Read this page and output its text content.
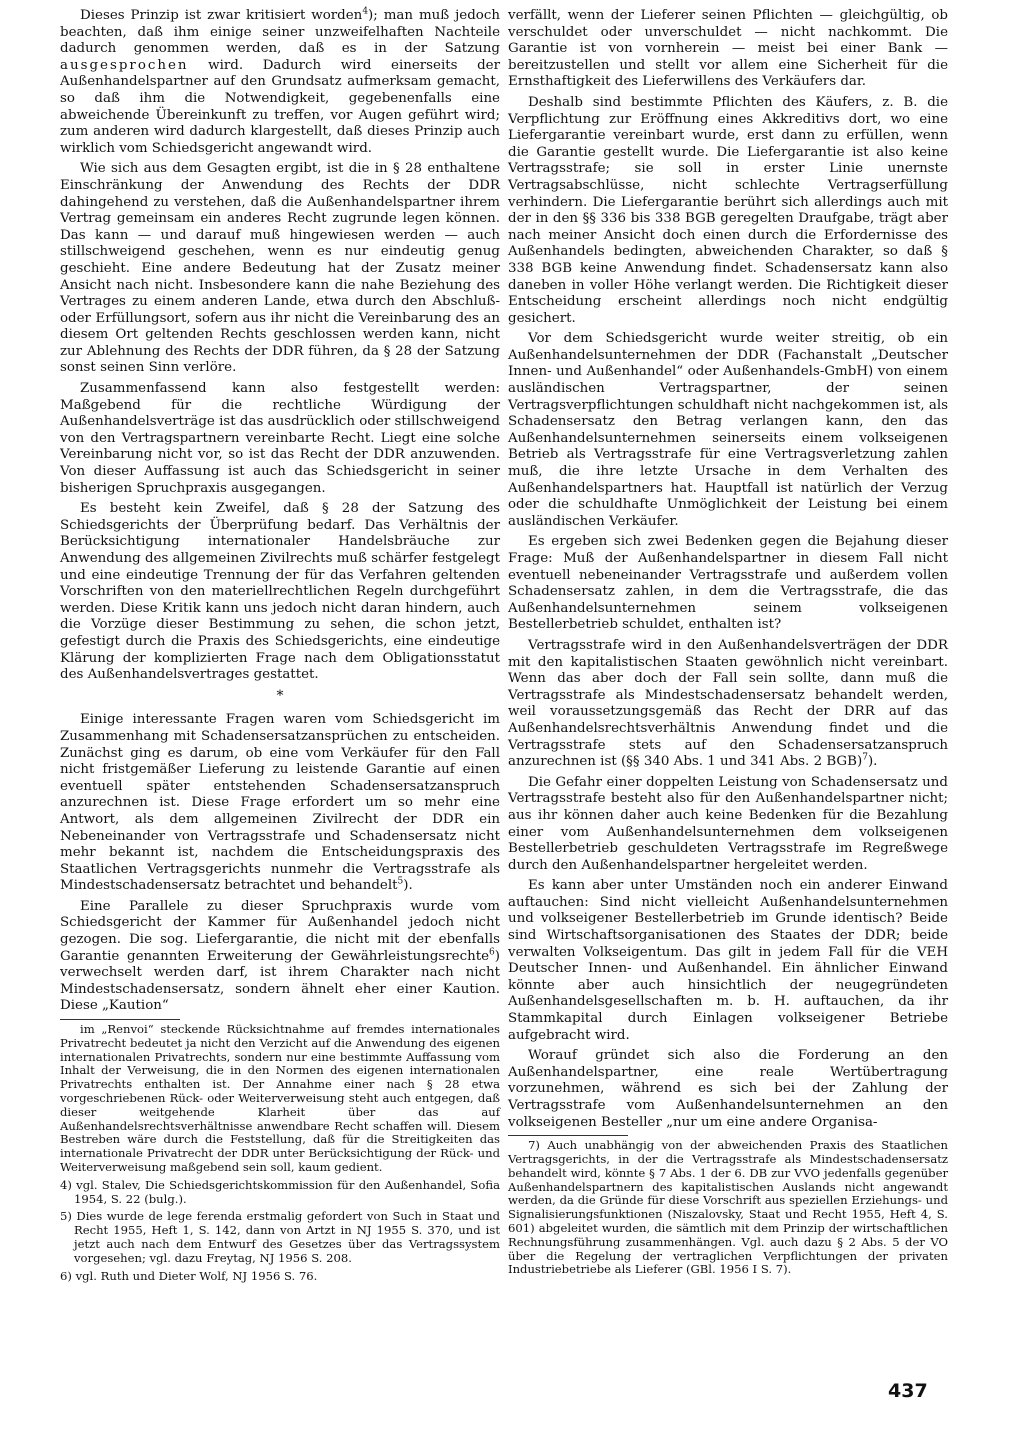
Dieses Prinzip ist zwar kritisiert worden$^4$); man muß jedoch beachten, daß ihm einige seiner unzweifelhaften Nachteile dadurch genommen werden, daß es in der Satzung ausgesprochen wird. Dadurch wird einerseits der Außenhandelspartner auf den Grundsatz aufmerksam gemacht, so daß ihm die Notwendigkeit, gegebenenfalls eine abweichende Übereinkunft zu treffen, vor Augen geführt wird; zum anderen wird dadurch klargestellt, daß dieses Prinzip auch wirklich vom Schiedsgericht angewandt wird.

Wie sich aus dem Gesagten ergibt, ist die in § 28 enthaltene Einschränkung der Anwendung des Rechts der DDR dahingehend zu verstehen, daß die Außenhandelspartner ihrem Vertrag gemeinsam ein anderes Recht zugrunde legen können. Das kann — und darauf muß hingewiesen werden — auch stillschweigend geschehen, wenn es nur eindeutig genug geschieht. Eine andere Bedeutung hat der Zusatz meiner Ansicht nach nicht. Insbesondere kann die nahe Beziehung des Vertrages zu einem anderen Lande, etwa durch den Abschluß- oder Erfüllungsort, sofern aus ihr nicht die Vereinbarung des an diesem Ort geltenden Rechts geschlossen werden kann, nicht zur Ablehnung des Rechts der DDR führen, da § 28 der Satzung sonst seinen Sinn verlöre.

Zusammenfassend kann also festgestellt werden: Maßgebend für die rechtliche Würdigung der Außenhandelsverträge ist das ausdrücklich oder stillschweigend von den Vertragspartnern vereinbarte Recht. Liegt eine solche Vereinbarung nicht vor, so ist das Recht der DDR anzuwenden. Von dieser Auffassung ist auch das Schiedsgericht in seiner bisherigen Spruchpraxis ausgegangen.

Es besteht kein Zweifel, daß § 28 der Satzung des Schiedsgerichts der Überprüfung bedarf. Das Verhältnis der Berücksichtigung internationaler Handelsbräuche zur Anwendung des allgemeinen Zivilrechts muß schärfer festgelegt und eine eindeutige Trennung der für das Verfahren geltenden Vorschriften von den materiellrechtlichen Regeln durchgeführt werden. Diese Kritik kann uns jedoch nicht daran hindern, auch die Vorzüge dieser Bestimmung zu sehen, die schon jetzt, gefestigt durch die Praxis des Schiedsgerichts, eine eindeutige Klärung der komplizierten Frage nach dem Obligationsstatut des Außenhandelsvertrages gestattet.

*

Einige interessante Fragen waren vom Schiedsgericht im Zusammenhang mit Schadensersatzansprüchen zu entscheiden. Zunächst ging es darum, ob eine vom Verkäufer für den Fall nicht fristgemäßer Lieferung zu leistende Garantie auf einen eventuell später entstehenden Schadensersatzanspruch anzurechnen ist. Diese Frage erfordert um so mehr eine Antwort, als dem allgemeinen Zivilrecht der DDR ein Nebeneinander von Vertragsstrafe und Schadensersatz nicht mehr bekannt ist, nachdem die Entscheidungspraxis des Staatlichen Vertragsgerichts nunmehr die Vertragsstrafe als Mindestschadensersatz betrachtet und behandelt$^5$).

Eine Parallele zu dieser Spruchpraxis wurde vom Schiedsgericht der Kammer für Außenhandel jedoch nicht gezogen. Die sog. Liefergarantie, die nicht mit der ebenfalls Garantie genannten Erweiterung der Gewährleistungsrechte$^6$) verwechselt werden darf, ist ihrem Charakter nach nicht Mindestschadensersatz, sondern ähnelt eher einer Kaution. Diese „Kaution“

im „Renvoi“ steckende Rücksichtnahme auf fremdes internationales Privatrecht bedeutet ja nicht den Verzicht auf die Anwendung des eigenen internationalen Privatrechts, sondern nur eine bestimmte Auffassung vom Inhalt der Verweisung, die in den Normen des eigenen internationalen Privatrechts enthalten ist. Der Annahme einer nach § 28 etwa vorgeschriebenen Rück- oder Weiterverweisung steht auch entgegen, daß dieser weitgehende Klarheit über das auf Außenhandelsrechtsverhältnisse anwendbare Recht schaffen will. Diesem Bestreben wäre durch die Feststellung, daß für die Streitigkeiten das internationale Privatrecht der DDR unter Berücksichtigung der Rück- und Weiterverweisung maßgebend sein soll, kaum gedient.

4) vgl. Stalev, Die Schiedsgerichtskommission für den Außenhandel, Sofia 1954, S. 22 (bulg.).

5) Dies wurde de lege ferenda erstmalig gefordert von Such in Staat und Recht 1955, Heft 1, S. 142, dann von Artzt in NJ 1955 S. 370, und ist jetzt auch nach dem Entwurf des Gesetzes über das Vertragssystem vorgesehen; vgl. dazu Freytag, NJ 1956 S. 208.

6) vgl. Ruth und Dieter Wolf, NJ 1956 S. 76.

verfällt, wenn der Lieferer seinen Pflichten — gleichgültig, ob verschuldet oder unverschuldet — nicht nachkommt. Die Garantie ist von vornherein — meist bei einer Bank — bereitzustellen und stellt vor allem eine Sicherheit für die Ernsthaftigkeit des Lieferwillens des Verkäufers dar.

Deshalb sind bestimmte Pflichten des Käufers, z. B. die Verpflichtung zur Eröffnung eines Akkreditivs dort, wo eine Liefergarantie vereinbart wurde, erst dann zu erfüllen, wenn die Garantie gestellt wurde. Die Liefergarantie ist also keine Vertragsstrafe; sie soll in erster Linie unernste Vertragsabschlüsse, nicht schlechte Vertragserfüllung verhindern. Die Liefergarantie berührt sich allerdings auch mit der in den §§ 336 bis 338 BGB geregelten Draufgabe, trägt aber nach meiner Ansicht doch einen durch die Erfordernisse des Außenhandels bedingten, abweichenden Charakter, so daß § 338 BGB keine Anwendung findet. Schadensersatz kann also daneben in voller Höhe verlangt werden. Die Richtigkeit dieser Entscheidung erscheint allerdings noch nicht endgültig gesichert.

Vor dem Schiedsgericht wurde weiter streitig, ob ein Außenhandelsunternehmen der DDR (Fachanstalt „Deutscher Innen- und Außenhandel“ oder Außenhandels-GmbH) von einem ausländischen Vertragspartner, der seinen Vertragsverpflichtungen schuldhaft nicht nachgekommen ist, als Schadensersatz den Betrag verlangen kann, den das Außenhandelsunternehmen seinerseits einem volkseigenen Betrieb als Vertragsstrafe für eine Vertragsverletzung zahlen muß, die ihre letzte Ursache in dem Verhalten des Außenhandelspartners hat. Hauptfall ist natürlich der Verzug oder die schuldhafte Unmöglichkeit der Leistung bei einem ausländischen Verkäufer.

Es ergeben sich zwei Bedenken gegen die Bejahung dieser Frage: Muß der Außenhandelspartner in diesem Fall nicht eventuell nebeneinander Vertragsstrafe und außerdem vollen Schadensersatz zahlen, in dem die Vertragsstrafe, die das Außenhandelsunternehmen seinem volkseigenen Bestellerbetrieb schuldet, enthalten ist?

Vertragsstrafe wird in den Außenhandelsverträgen der DDR mit den kapitalistischen Staaten gewöhnlich nicht vereinbart. Wenn das aber doch der Fall sein sollte, dann muß die Vertragsstrafe als Mindestschadensersatz behandelt werden, weil voraussetzungsgemäß das Recht der DRR auf das Außenhandelsrechtsverhältnis Anwendung findet und die Vertragsstrafe stets auf den Schadensersatzanspruch anzurechnen ist (§§ 340 Abs. 1 und 341 Abs. 2 BGB)$^7$).

Die Gefahr einer doppelten Leistung von Schadensersatz und Vertragsstrafe besteht also für den Außenhandelspartner nicht; aus ihr können daher auch keine Bedenken für die Bezahlung einer vom Außenhandelsunternehmen dem volkseigenen Bestellerbetrieb geschuldeten Vertragsstrafe im Regreßwege durch den Außenhandelspartner hergeleitet werden.

Es kann aber unter Umständen noch ein anderer Einwand auftauchen: Sind nicht vielleicht Außenhandelsunternehmen und volkseigener Bestellerbetrieb im Grunde identisch? Beide sind Wirtschaftsorganisationen des Staates der DDR; beide verwalten Volkseigentum. Das gilt in jedem Fall für die VEH Deutscher Innen- und Außenhandel. Ein ähnlicher Einwand könnte aber auch hinsichtlich der neugegründeten Außenhandelsgesellschaften m. b. H. auftauchen, da ihr Stammkapital durch Einlagen volkseigener Betriebe aufgebracht wird.

Worauf gründet sich also die Forderung an den Außenhandelspartner, eine reale Wertübertragung vorzunehmen, während es sich bei der Zahlung der Vertragsstrafe vom Außenhandelsunternehmen an den volkseigenen Besteller „nur um eine andere Organisa-

7) Auch unabhängig von der abweichenden Praxis des Staatlichen Vertragsgerichts, in der die Vertragsstrafe als Mindestschadensersatz behandelt wird, könnte § 7 Abs. 1 der 6. DB zur VVO jedenfalls gegenüber Außenhandelspartnern des kapitalistischen Auslands nicht angewandt werden, da die Gründe für diese Vorschrift aus speziellen Erziehungs- und Signalisierungsfunktionen (Niszalovsky, Staat und Recht 1955, Heft 4, S. 601) abgeleitet wurden, die sämtlich mit dem Prinzip der wirtschaftlichen Rechnungsführung zusammenhängen. Vgl. auch dazu § 2 Abs. 5 der VO über die Regelung der vertraglichen Verpflichtungen der privaten Industriebetriebe als Lieferer (GBl. 1956 I S. 7).

437
